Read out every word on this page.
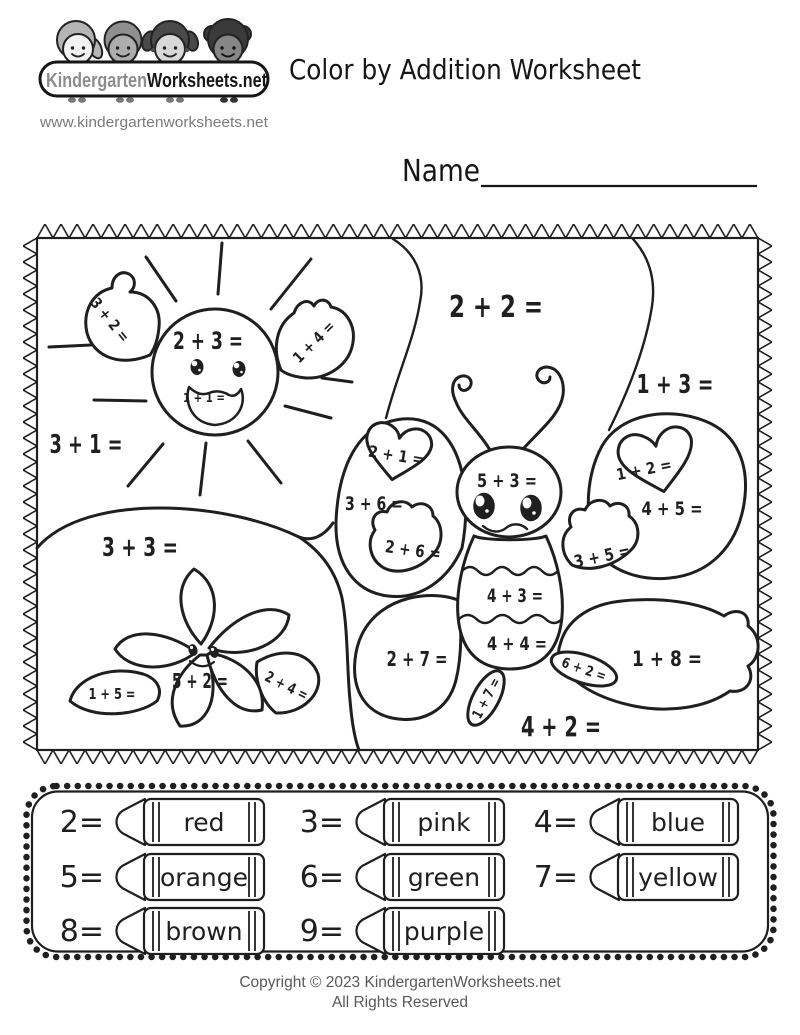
KindergartenWorksheets.net
www.kindergartenworksheets.net
Color by Addition Worksheet
Name
3 + 2 = 2 + 3 =	1 + 4 =
1 + 1 =
3 + 1 =
2 + 2 =
1 + 3 =
3 + 3 =
2 + 1 =
5 + 3 =	1 + 2 =
3 + 6 =	4 + 5 =
2 + 6 =	3 + 5 =
4 + 3 =
4 + 4 =
2 + 7 =	6 + 2 =
1 + 7 =
1 + 8 =
5 + 2 =
1 + 5 =	2 + 4 =
4 + 2 =
2=	red	3=	pink 4=	blue
5= orange 6=	green 7= yellow
8= brown 9= purple
Copyright © 2023 KindergartenWorksheets.net
All Rights Reserved
